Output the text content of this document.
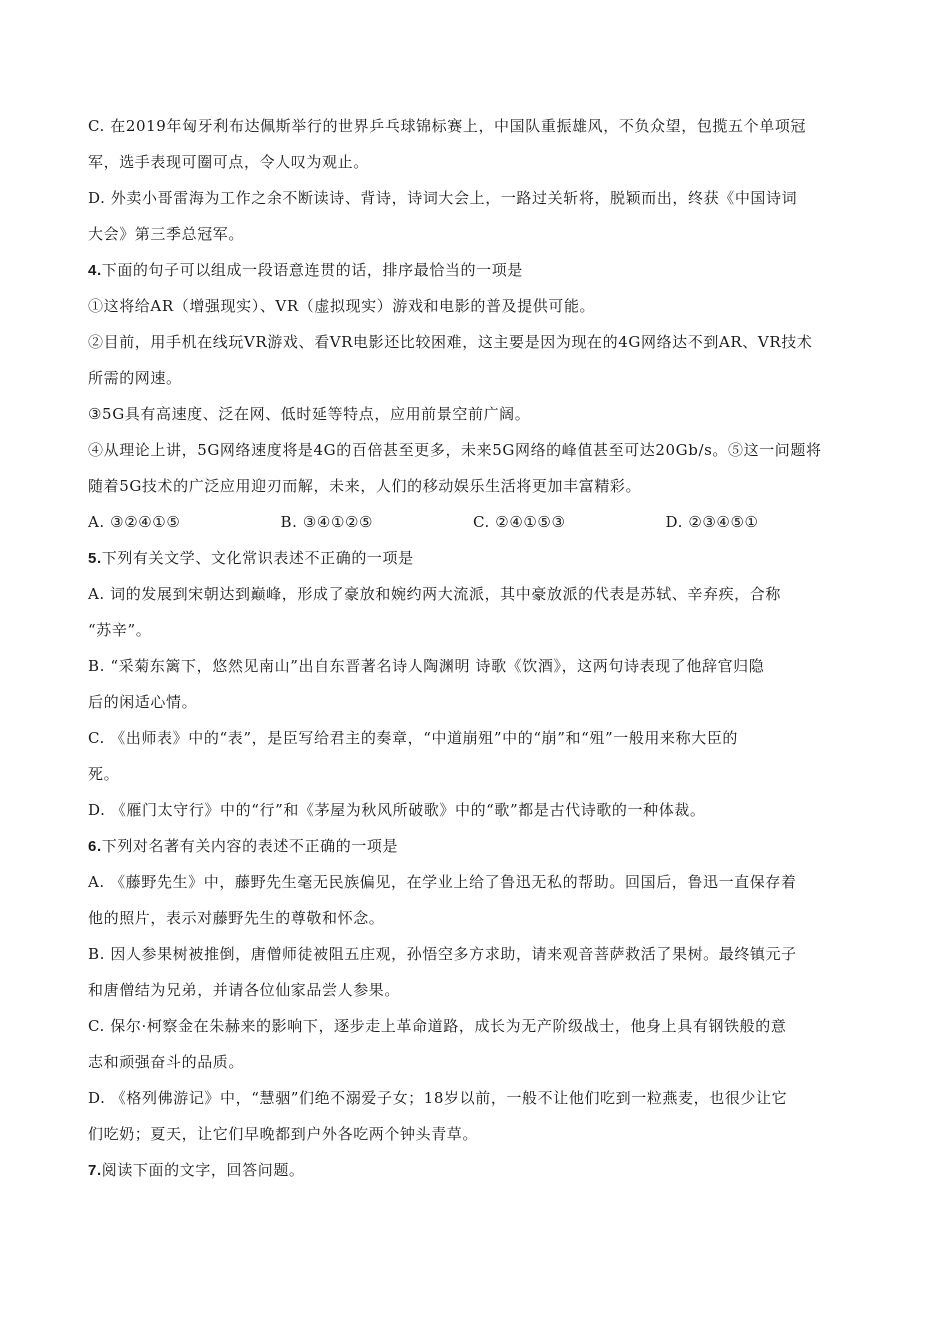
C. 在2019年匈牙利布达佩斯举行的世界乒乓球锦标赛上，中国队重振雄风，不负众望，包揽五个单项冠
军，选手表现可圈可点，令人叹为观止。
D. 外卖小哥雷海为工作之余不断读诗、背诗，诗词大会上，一路过关斩将，脱颖而出，终获《中国诗词
大会》第三季总冠军。
4.下面的句子可以组成一段语意连贯的话，排序最恰当的一项是
①这将给AR（增强现实）、VR（虚拟现实）游戏和电影的普及提供可能。
②目前，用手机在线玩VR游戏、看VR电影还比较困难，这主要是因为现在的4G网络达不到AR、VR技术
所需的网速。
③5G具有高速度、泛在网、低时延等特点，应用前景空前广阔。
④从理论上讲，5G网络速度将是4G的百倍甚至更多，未来5G网络的峰值甚至可达20Gb/s。⑤这一问题将
随着5G技术的广泛应用迎刃而解，未来，人们的移动娱乐生活将更加丰富精彩。
A. ③②④①⑤	B. ③④①②⑤	C. ②④①⑤③	D. ②③④⑤①
5.下列有关文学、文化常识表述不正确的一项是
A. 词的发展到宋朝达到巅峰，形成了豪放和婉约两大流派，其中豪放派的代表是苏轼、辛弃疾，合称
“苏辛”。
B. “采菊东篱下，悠然见南山”出自东晋著名诗人陶渊明 诗歌《饮酒》，这两句诗表现了他辞官归隐
后的闲适心情。
C. 《出师表》中的“表”，是臣写给君主的奏章，“中道崩殂”中的“崩”和“殂”一般用来称大臣的
死。
D. 《雁门太守行》中的“行”和《茅屋为秋风所破歌》中的“歌”都是古代诗歌的一种体裁。
6.下列对名著有关内容的表述不正确的一项是
A. 《藤野先生》中，藤野先生毫无民族偏见，在学业上给了鲁迅无私的帮助。回国后，鲁迅一直保存着
他的照片，表示对藤野先生的尊敬和怀念。
B. 因人参果树被推倒，唐僧师徒被阻五庄观，孙悟空多方求助，请来观音菩萨救活了果树。最终镇元子
和唐僧结为兄弟，并请各位仙家品尝人参果。
C. 保尔·柯察金在朱赫来的影响下，逐步走上革命道路，成长为无产阶级战士，他身上具有钢铁般的意
志和顽强奋斗的品质。
D. 《格列佛游记》中，“慧骃”们绝不溺爱子女；18岁以前，一般不让他们吃到一粒燕麦，也很少让它
们吃奶；夏天，让它们早晚都到户外各吃两个钟头青草。
7.阅读下面的文字，回答问题。
